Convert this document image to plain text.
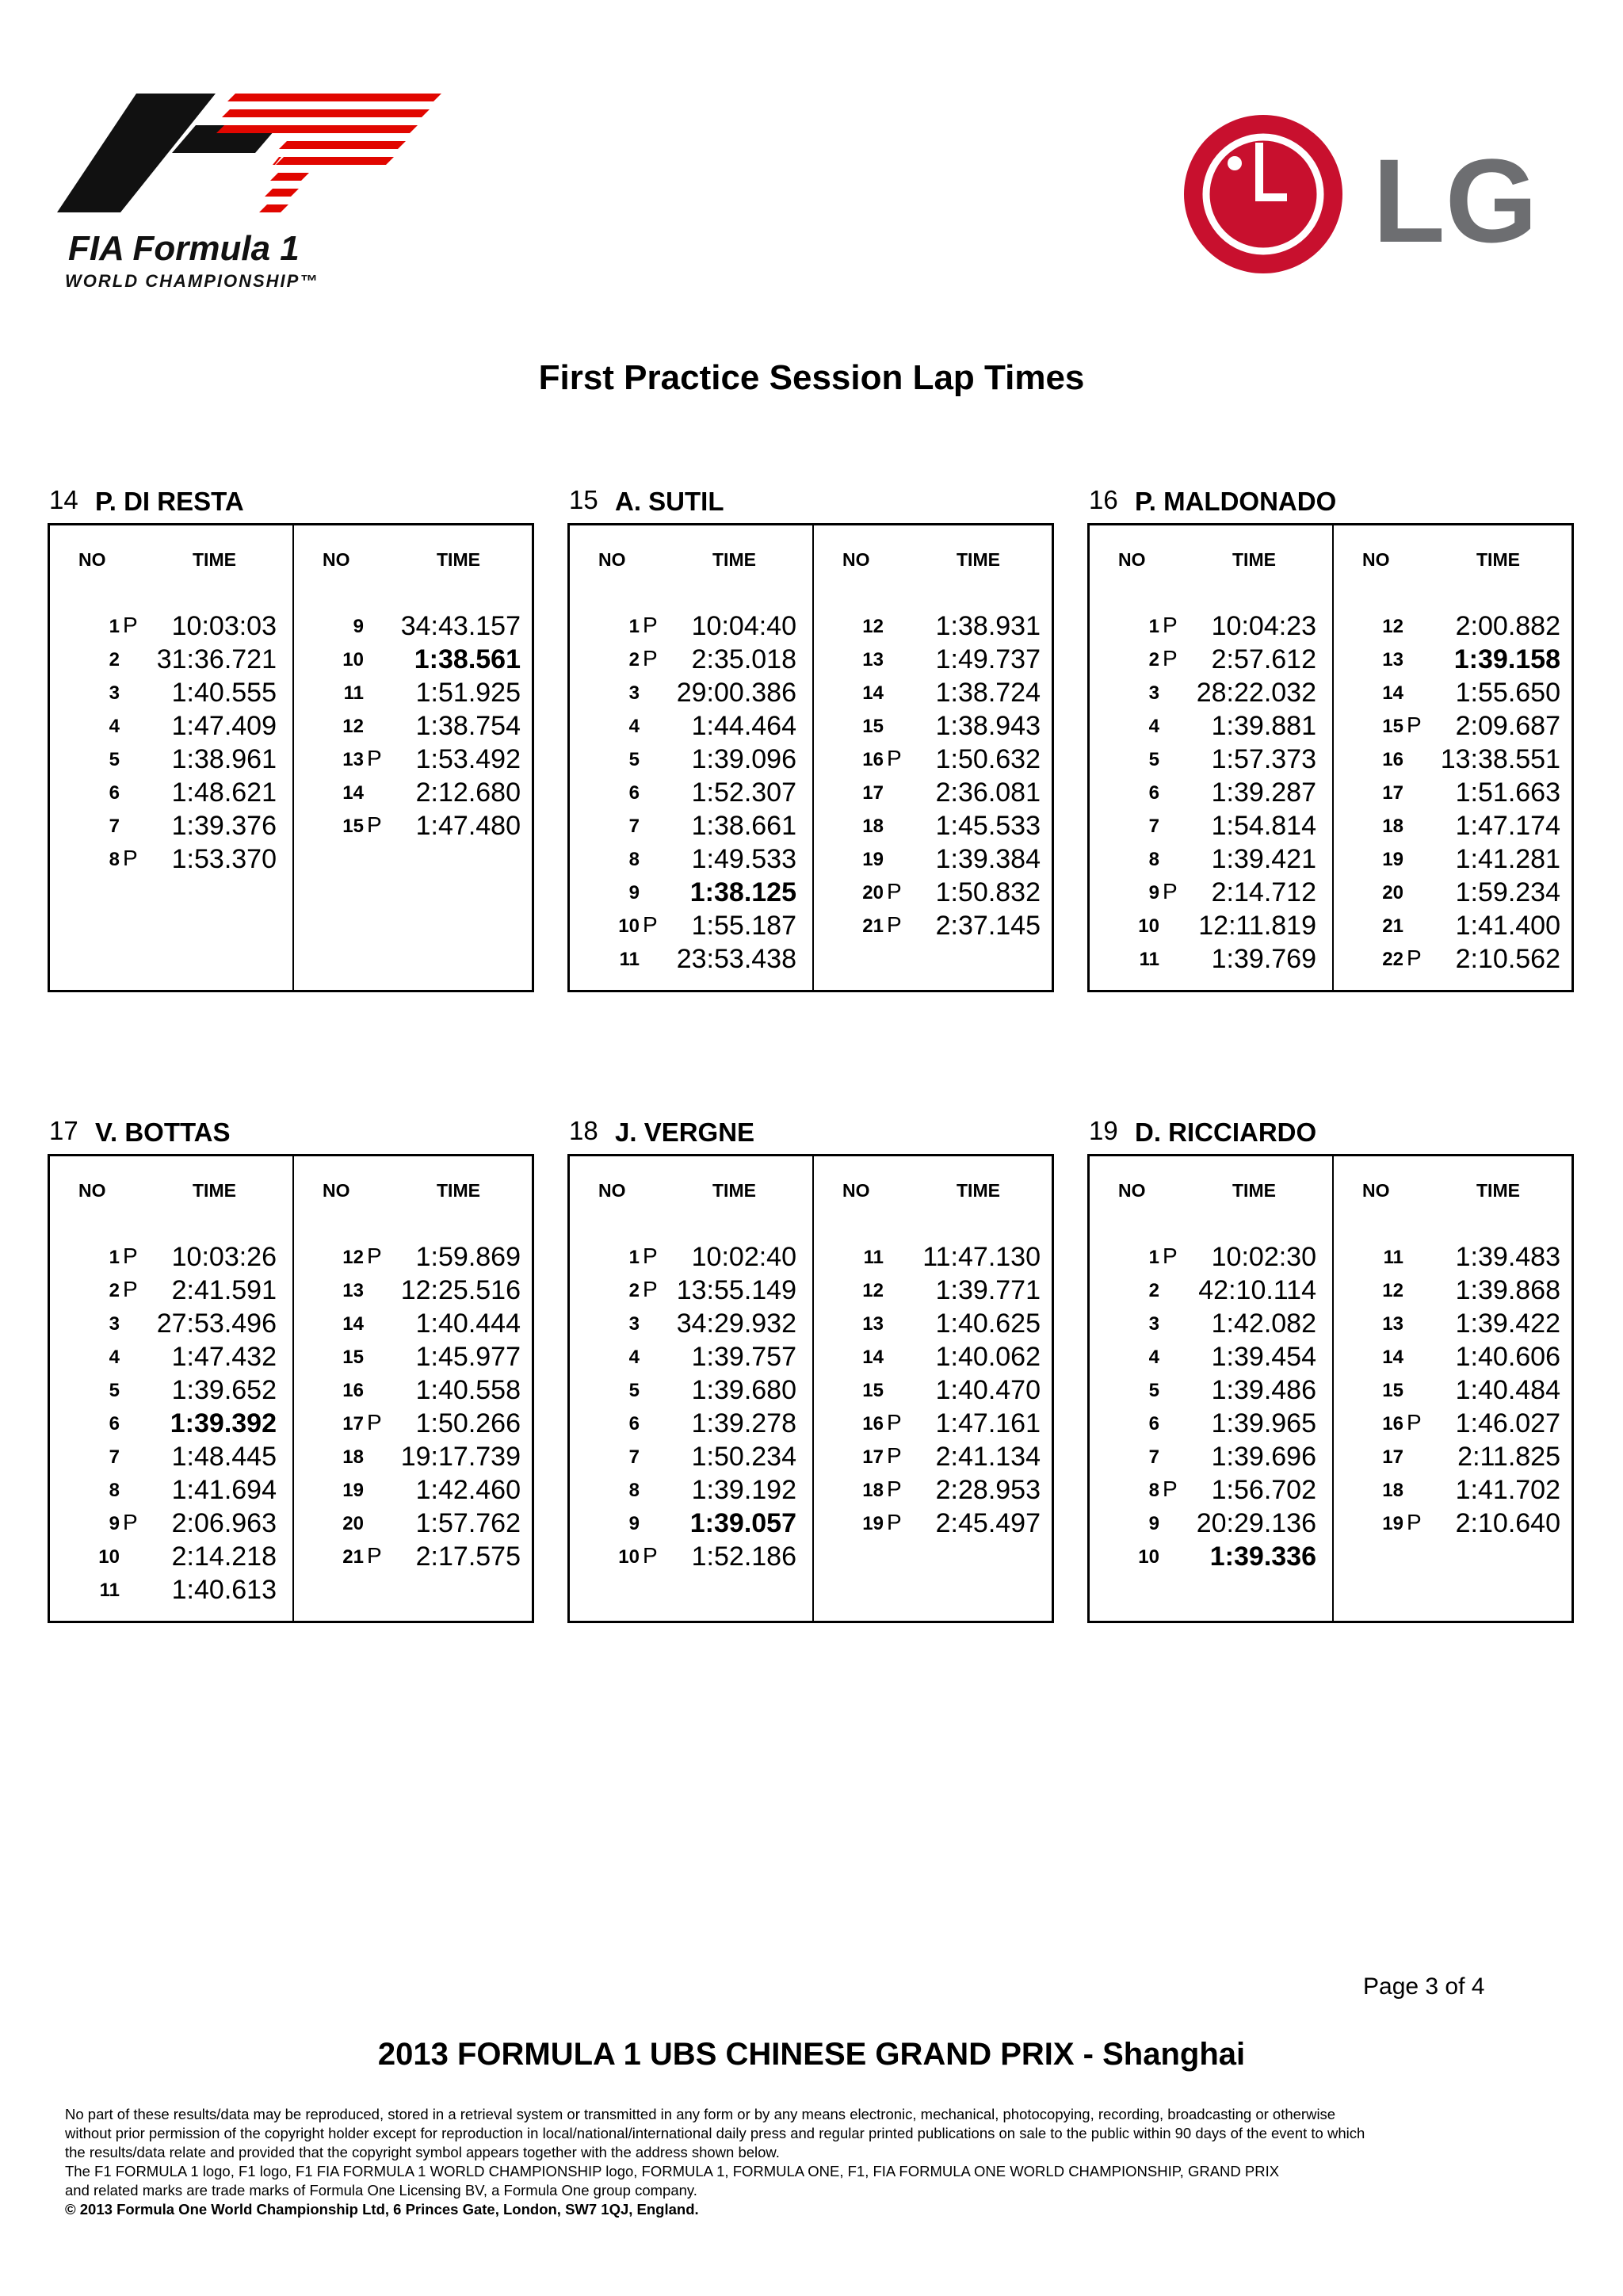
FIA Formula 1
WORLD CHAMPIONSHIP™
LG
First Practice Session Lap Times
14 P. DI RESTA
NO	TIME
1 P 10:03:03
2 31:36.721
3 1:40.555
4 1:47.409
5 1:38.961
6 1:48.621
7 1:39.376
8 P 1:53.370
NO	TIME
9 34:43.157
10 1:38.561
11 1:51.925
12 1:38.754
13 P 1:53.492
14 2:12.680
15 P 1:47.480
15 A. SUTIL
NO	TIME
1 P 10:04:40
2 P 2:35.018
3 29:00.386
4 1:44.464
5 1:39.096
6 1:52.307
7 1:38.661
8 1:49.533
9 1:38.125
10 P 1:55.187
11 23:53.438
NO	TIME
12 1:38.931
13 1:49.737
14 1:38.724
15 1:38.943
16 P 1:50.632
17 2:36.081
18 1:45.533
19 1:39.384
20 P 1:50.832
21 P 2:37.145
16 P. MALDONADO
NO	TIME
1 P 10:04:23
2 P 2:57.612
3 28:22.032
4 1:39.881
5 1:57.373
6 1:39.287
7 1:54.814
8 1:39.421
9 P 2:14.712
10 12:11.819
11 1:39.769
NO	TIME
12 2:00.882
13 1:39.158
14 1:55.650
15 P 2:09.687
16 13:38.551
17 1:51.663
18 1:47.174
19 1:41.281
20 1:59.234
21 1:41.400
22 P 2:10.562
17 V. BOTTAS
NO	TIME
1 P 10:03:26
2 P 2:41.591
3 27:53.496
4 1:47.432
5 1:39.652
6 1:39.392
7 1:48.445
8 1:41.694
9 P 2:06.963
10 2:14.218
11 1:40.613
NO	TIME
12 P 1:59.869
13 12:25.516
14 1:40.444
15 1:45.977
16 1:40.558
17 P 1:50.266
18 19:17.739
19 1:42.460
20 1:57.762
21 P 2:17.575
18 J. VERGNE
NO	TIME
1 P 10:02:40
2 P 13:55.149
3 34:29.932
4 1:39.757
5 1:39.680
6 1:39.278
7 1:50.234
8 1:39.192
9 1:39.057
10 P 1:52.186
NO	TIME
11 11:47.130
12 1:39.771
13 1:40.625
14 1:40.062
15 1:40.470
16 P 1:47.161
17 P 2:41.134
18 P 2:28.953
19 P 2:45.497
19 D. RICCIARDO
NO	TIME
1 P 10:02:30
2 42:10.114
3 1:42.082
4 1:39.454
5 1:39.486
6 1:39.965
7 1:39.696
8 P 1:56.702
9 20:29.136
10 1:39.336
NO	TIME
11 1:39.483
12 1:39.868
13 1:39.422
14 1:40.606
15 1:40.484
16 P 1:46.027
17 2:11.825
18 1:41.702
19 P 2:10.640
Page 3 of 4
2013 FORMULA 1 UBS CHINESE GRAND PRIX - Shanghai
No part of these results/data may be reproduced, stored in a retrieval system or transmitted in any form or by any means electronic, mechanical, photocopying, recording, broadcasting or otherwise
without prior permission of the copyright holder except for reproduction in local/national/international daily press and regular printed publications on sale to the public within 90 days of the event to which
the results/data relate and provided that the copyright symbol appears together with the address shown below.
The F1 FORMULA 1 logo, F1 logo, F1 FIA FORMULA 1 WORLD CHAMPIONSHIP logo, FORMULA 1, FORMULA ONE, F1, FIA FORMULA ONE WORLD CHAMPIONSHIP, GRAND PRIX
and related marks are trade marks of Formula One Licensing BV, a Formula One group company.
© 2013 Formula One World Championship Ltd, 6 Princes Gate, London, SW7 1QJ, England.
